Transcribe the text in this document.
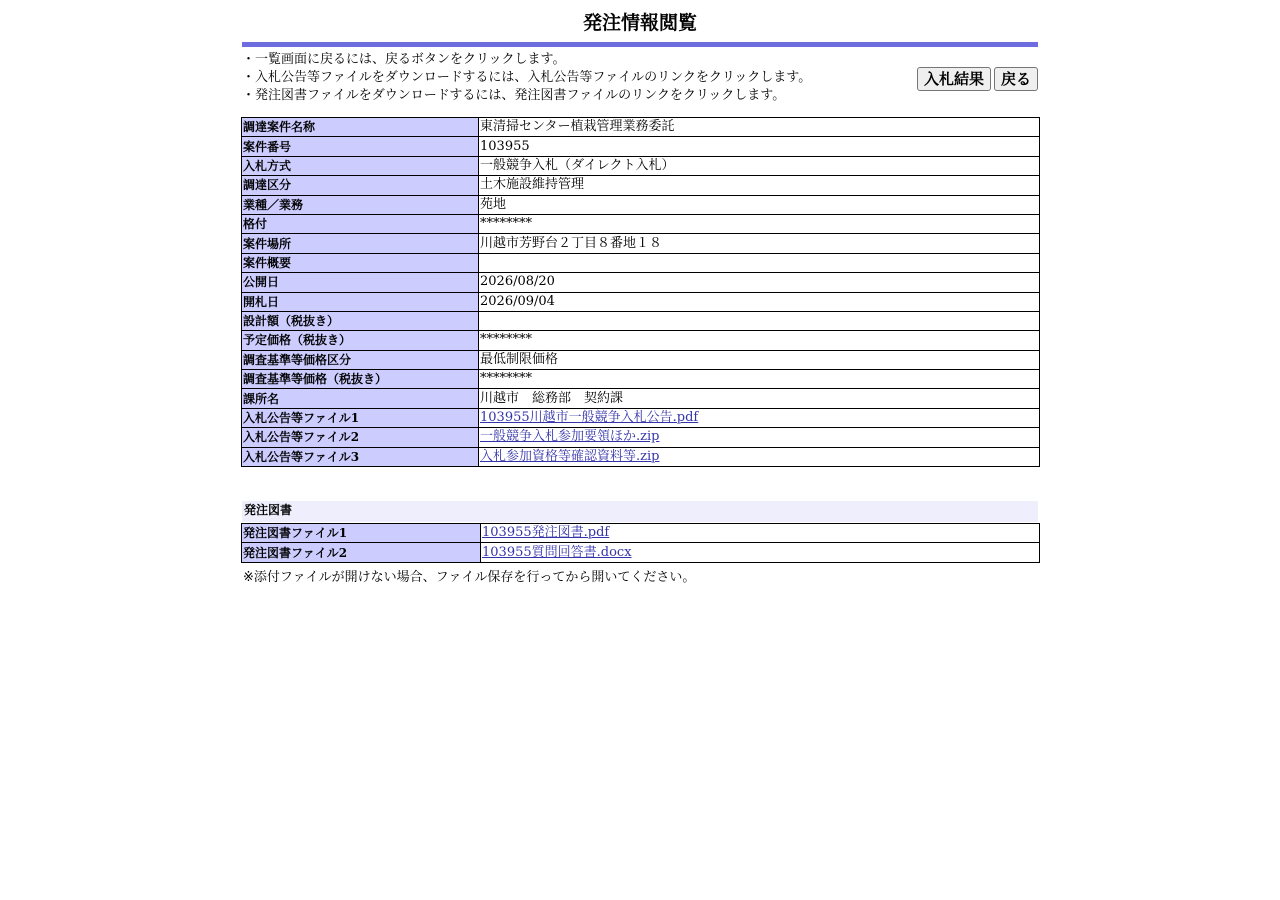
発注情報閲覧
・一覧画面に戻るには、戻るボタンをクリックします。
・入札公告等ファイルをダウンロードするには、入札公告等ファイルのリンクをクリックします。
・発注図書ファイルをダウンロードするには、発注図書ファイルのリンクをクリックします。
入札結果	戻る
調達案件名称	東清掃センター植栽管理業務委託
案件番号	103955
入札方式	一般競争入札（ダイレクト入札）
調達区分	土木施設維持管理
業種／業務	苑地
格付	********
案件場所	川越市芳野台２丁目８番地１８
案件概要	
公開日	2026/08/20
開札日	2026/09/04
設計額（税抜き）	
予定価格（税抜き）	********
調査基準等価格区分	最低制限価格
調査基準等価格（税抜き）	********
課所名	川越市　総務部　契約課
入札公告等ファイル1	103955川越市一般競争入札公告.pdf
入札公告等ファイル2	一般競争入札参加要領ほか.zip
入札公告等ファイル3	入札参加資格等確認資料等.zip
発注図書
発注図書ファイル1	103955発注図書.pdf
発注図書ファイル2	103955質問回答書.docx
※添付ファイルが開けない場合、ファイル保存を行ってから開いてください。
